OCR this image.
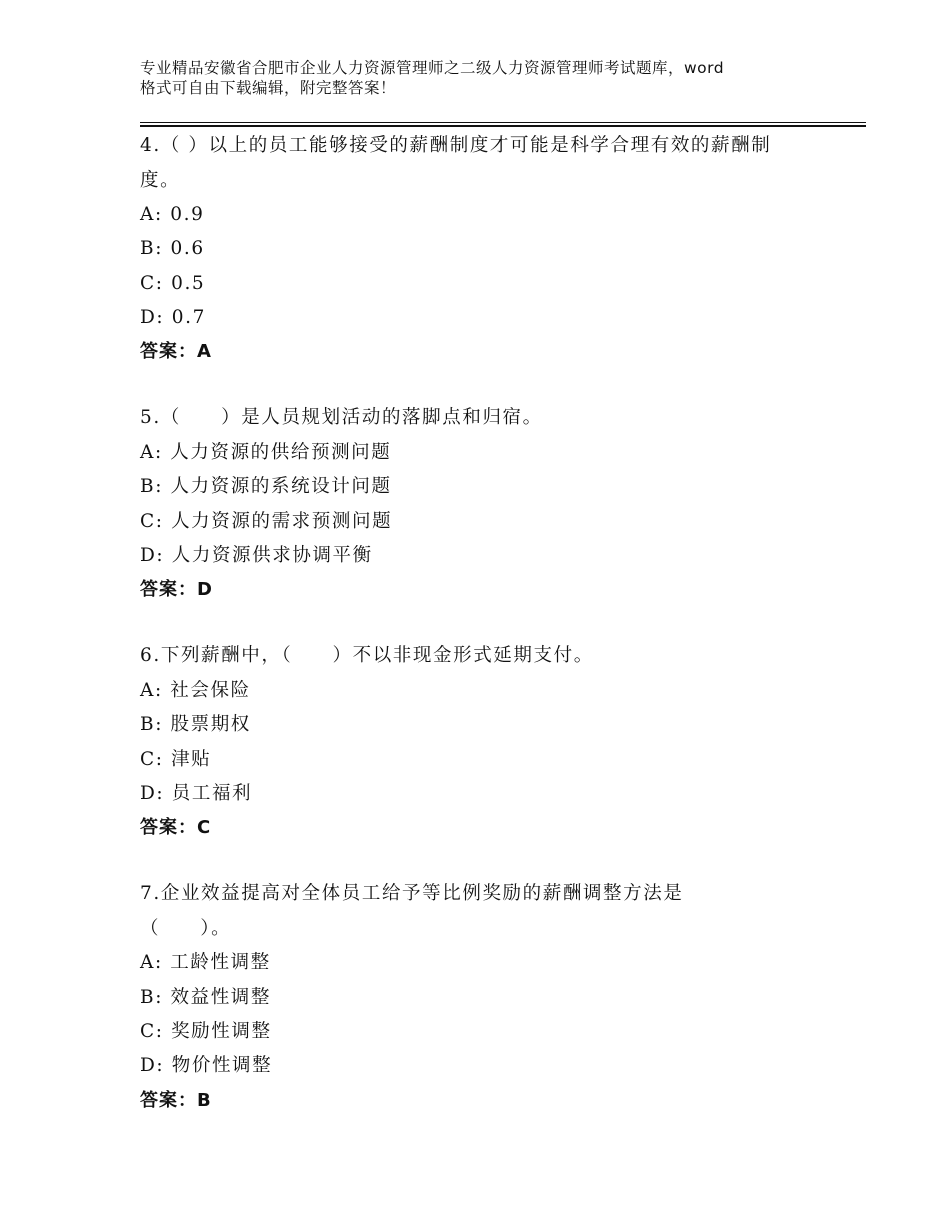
专业精品安徽省合肥市企业人力资源管理师之二级人力资源管理师考试题库，word
格式可自由下载编辑，附完整答案！
4.（ ）以上的员工能够接受的薪酬制度才可能是科学合理有效的薪酬制
度。
A: 0.9
B: 0.6
C: 0.5
D: 0.7
答案：A
5.（　　）是人员规划活动的落脚点和归宿。
A: 人力资源的供给预测问题
B: 人力资源的系统设计问题
C: 人力资源的需求预测问题
D: 人力资源供求协调平衡
答案：D
6.下列薪酬中，（　　）不以非现金形式延期支付。
A: 社会保险
B: 股票期权
C: 津贴
D: 员工福利
答案：C
7.企业效益提高对全体员工给予等比例奖励的薪酬调整方法是
（　　）。
A: 工龄性调整
B: 效益性调整
C: 奖励性调整
D: 物价性调整
答案：B
